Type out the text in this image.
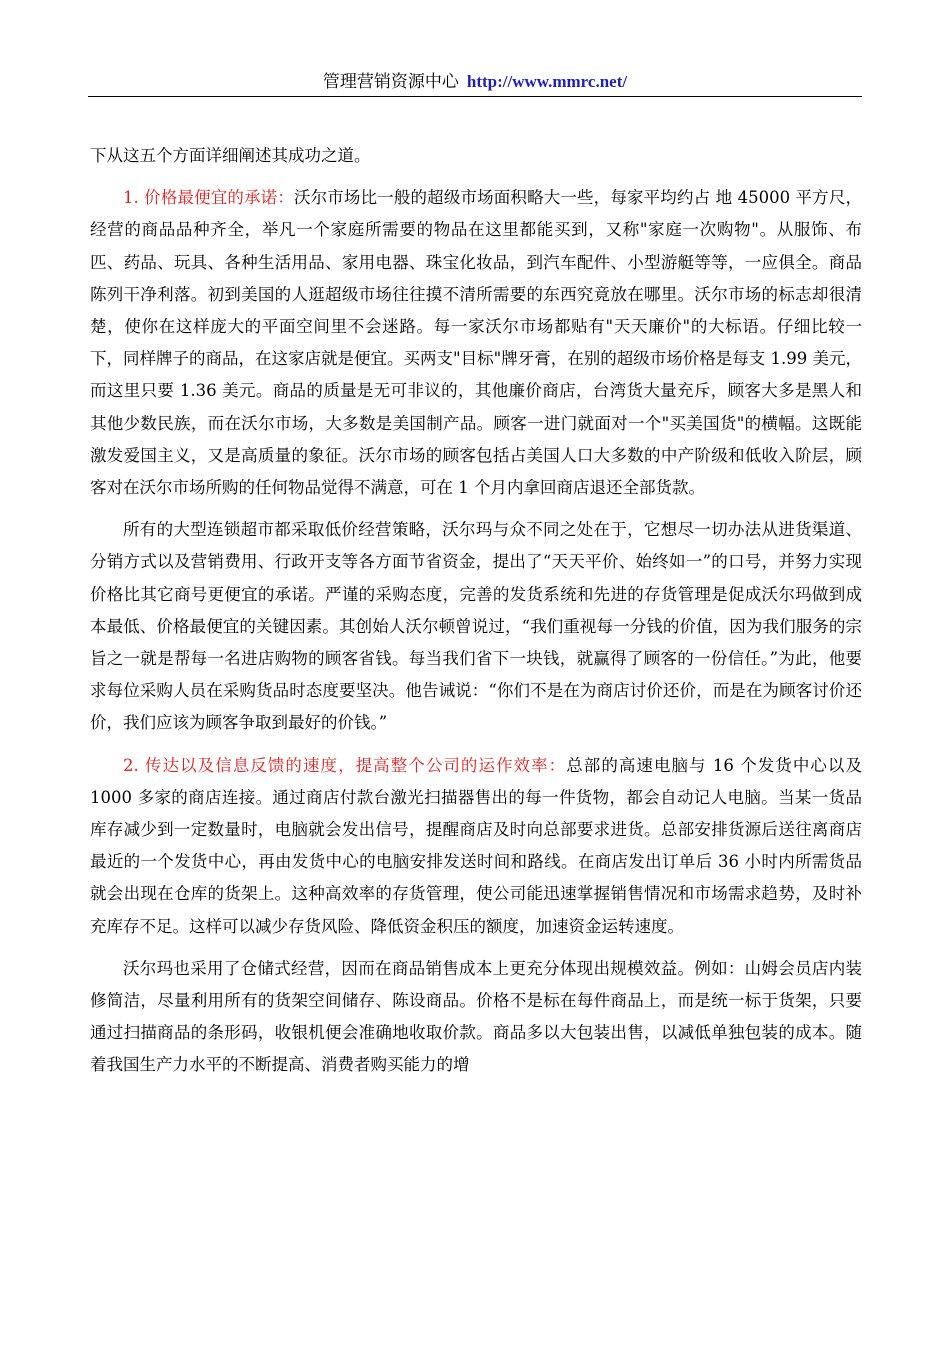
管理营销资源中心 http://www.mmrc.net/

下从这五个方面详细阐述其成功之道。

1. 价格最便宜的承诺：沃尔市场比一般的超级市场面积略大一些，每家平均约占 地 45000 平方尺，经营的商品品种齐全，举凡一个家庭所需要的物品在这里都能买到，又称"家庭一次购物"。从服饰、布匹、药品、玩具、各种生活用品、家用电器、珠宝化妆品，到汽车配件、小型游艇等等，一应俱全。商品陈列干净利落。初到美国的人逛超级市场往往摸不清所需要的东西究竟放在哪里。沃尔市场的标志却很清楚，使你在这样庞大的平面空间里不会迷路。每一家沃尔市场都贴有"天天廉价"的大标语。仔细比较一下，同样牌子的商品，在这家店就是便宜。买两支"目标"牌牙膏，在别的超级市场价格是每支 1.99 美元，而这里只要 1.36 美元。商品的质量是无可非议的，其他廉价商店，台湾货大量充斥，顾客大多是黑人和其他少数民族，而在沃尔市场，大多数是美国制产品。顾客一进门就面对一个"买美国货"的横幅。这既能激发爱国主义，又是高质量的象征。沃尔市场的顾客包括占美国人口大多数的中产阶级和低收入阶层，顾客对在沃尔市场所购的任何物品觉得不满意，可在 1 个月内拿回商店退还全部货款。

所有的大型连锁超市都采取低价经营策略，沃尔玛与众不同之处在于，它想尽一切办法从进货渠道、分销方式以及营销费用、行政开支等各方面节省资金，提出了“天天平价、始终如一”的口号，并努力实现价格比其它商号更便宜的承诺。严谨的采购态度，完善的发货系统和先进的存货管理是促成沃尔玛做到成本最低、价格最便宜的关键因素。其创始人沃尔顿曾说过，“我们重视每一分钱的价值，因为我们服务的宗旨之一就是帮每一名进店购物的顾客省钱。每当我们省下一块钱，就赢得了顾客的一份信任。”为此，他要求每位采购人员在采购货品时态度要坚决。他告诫说：“你们不是在为商店讨价还价，而是在为顾客讨价还价，我们应该为顾客争取到最好的价钱。”

2. 传达以及信息反馈的速度，提高整个公司的运作效率：总部的高速电脑与 16 个发货中心以及 1000 多家的商店连接。通过商店付款台激光扫描器售出的每一件货物，都会自动记人电脑。当某一货品库存减少到一定数量时，电脑就会发出信号，提醒商店及时向总部要求进货。总部安排货源后送往离商店最近的一个发货中心，再由发货中心的电脑安排发送时间和路线。在商店发出订单后 36 小时内所需货品就会出现在仓库的货架上。这种高效率的存货管理，使公司能迅速掌握销售情况和市场需求趋势，及时补充库存不足。这样可以减少存货风险、降低资金积压的额度，加速资金运转速度。

沃尔玛也采用了仓储式经营，因而在商品销售成本上更充分体现出规模效益。例如：山姆会员店内装修简洁，尽量利用所有的货架空间储存、陈设商品。价格不是标在每件商品上，而是统一标于货架，只要通过扫描商品的条形码，收银机便会准确地收取价款。商品多以大包装出售，以减低单独包装的成本。随着我国生产力水平的不断提高、消费者购买能力的增
